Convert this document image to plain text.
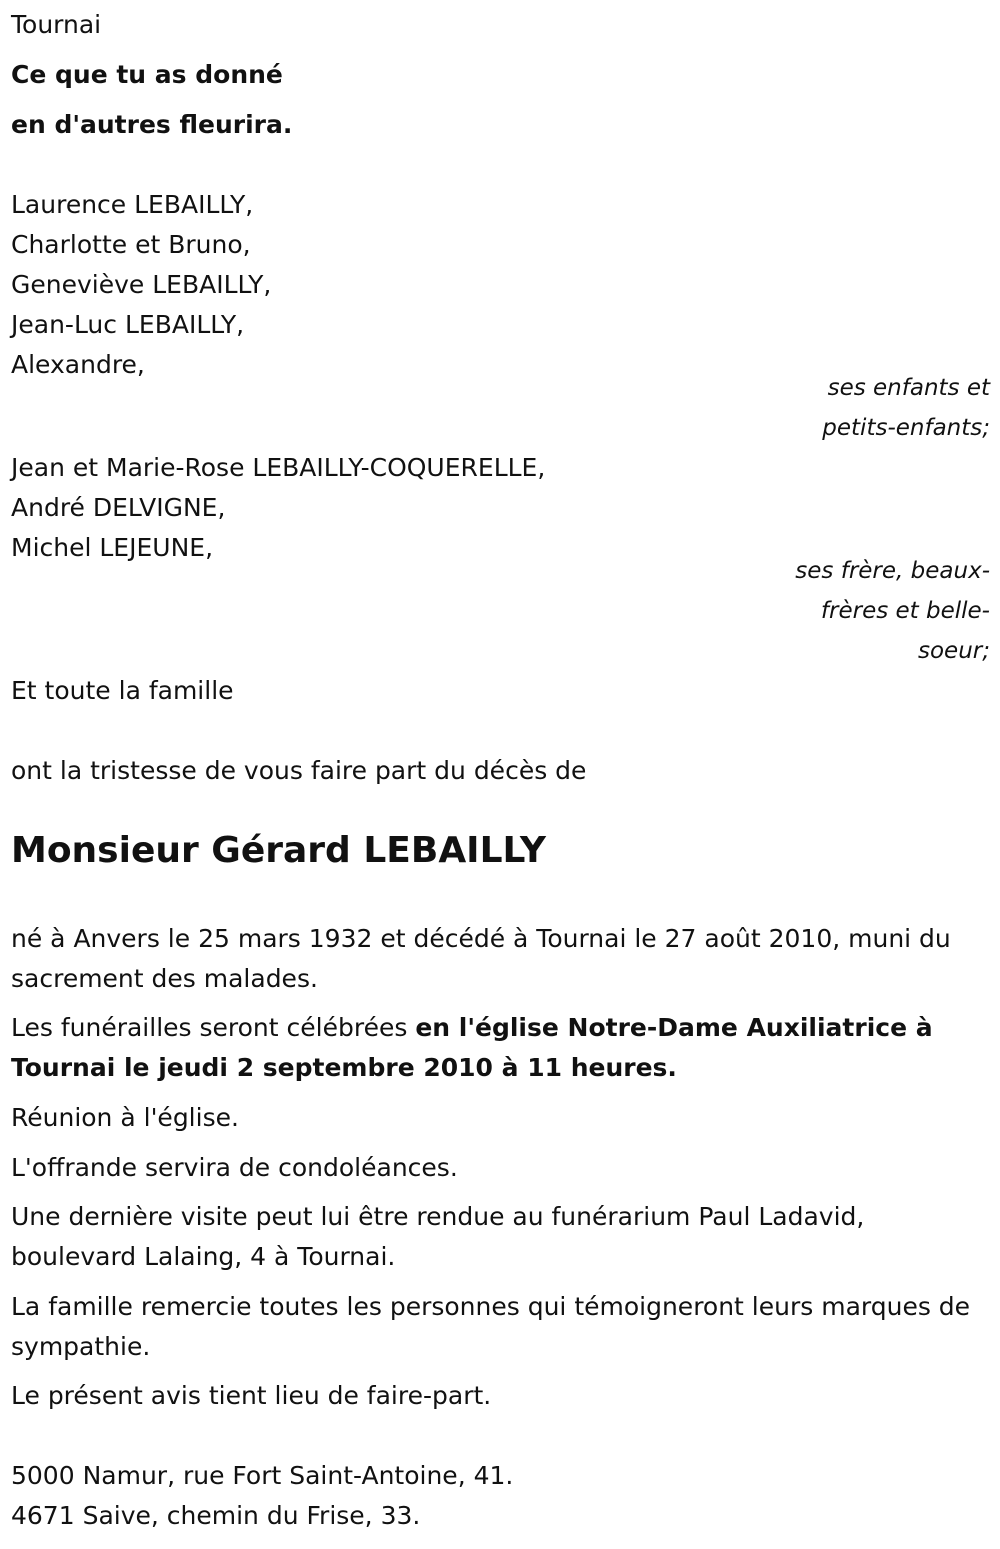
Tournai
Ce que tu as donné
en d'autres fleurira.
Laurence LEBAILLY,
Charlotte et Bruno,
Geneviève LEBAILLY,
Jean-Luc LEBAILLY,
Alexandre,
ses enfants et
petits-enfants;
Jean et Marie-Rose LEBAILLY-COQUERELLE,
André DELVIGNE,
Michel LEJEUNE,
ses frère, beaux-
frères et belle-
soeur;
Et toute la famille
ont la tristesse de vous faire part du décès de
Monsieur Gérard LEBAILLY
né à Anvers le 25 mars 1932 et décédé à Tournai le 27 août 2010, muni du sacrement des malades.
Les funérailles seront célébrées en l'église Notre-Dame Auxiliatrice à Tournai le jeudi 2 septembre 2010 à 11 heures.
Réunion à l'église.
L'offrande servira de condoléances.
Une dernière visite peut lui être rendue au funérarium Paul Ladavid, boulevard Lalaing, 4 à Tournai.
La famille remercie toutes les personnes qui témoigneront leurs marques de sympathie.
Le présent avis tient lieu de faire-part.
5000 Namur, rue Fort Saint-Antoine, 41.
4671 Saive, chemin du Frise, 33.
